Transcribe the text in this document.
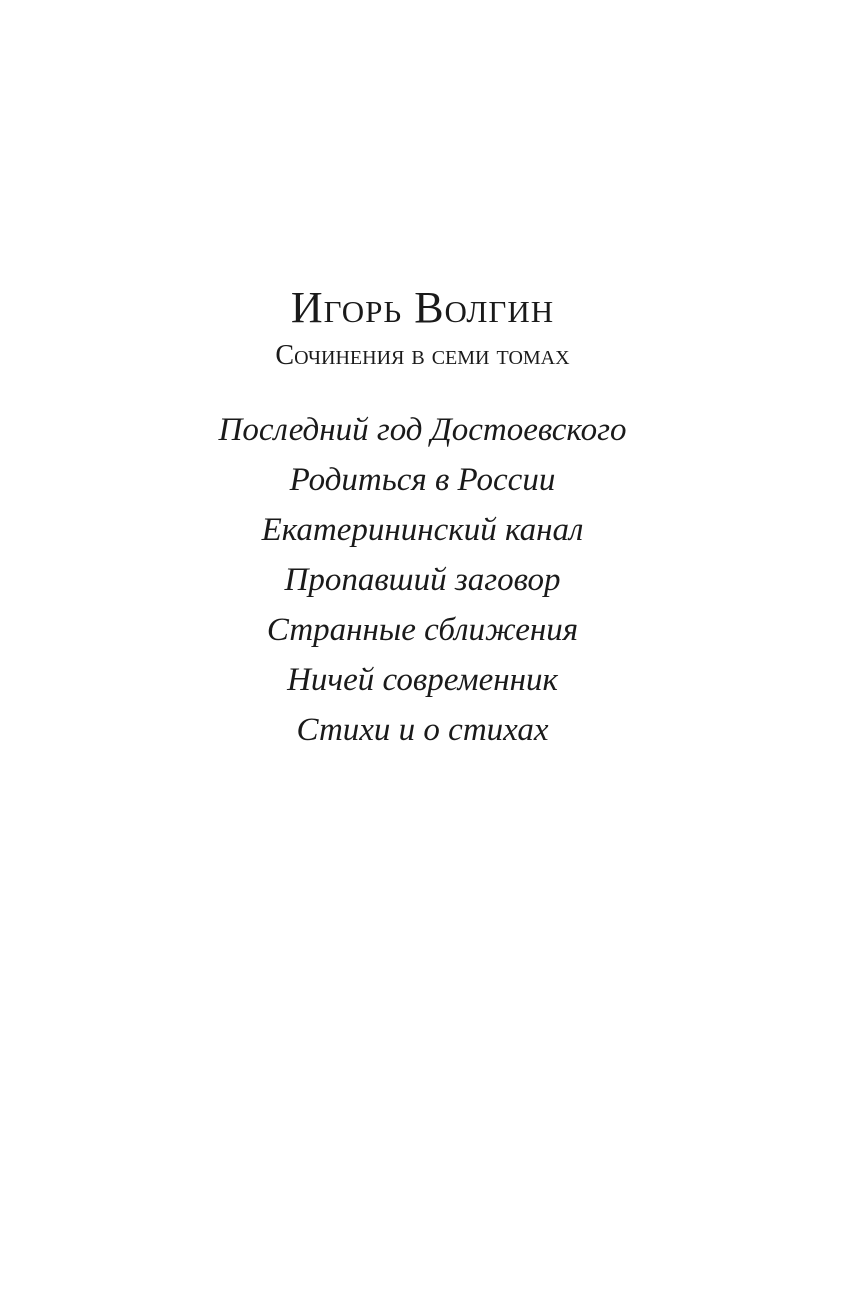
Игорь Волгин
Сочинения в семи томах
Последний год Достоевского
Родиться в России
Екатерининский канал
Пропавший заговор
Странные сближения
Ничей современник
Стихи и о стихах
